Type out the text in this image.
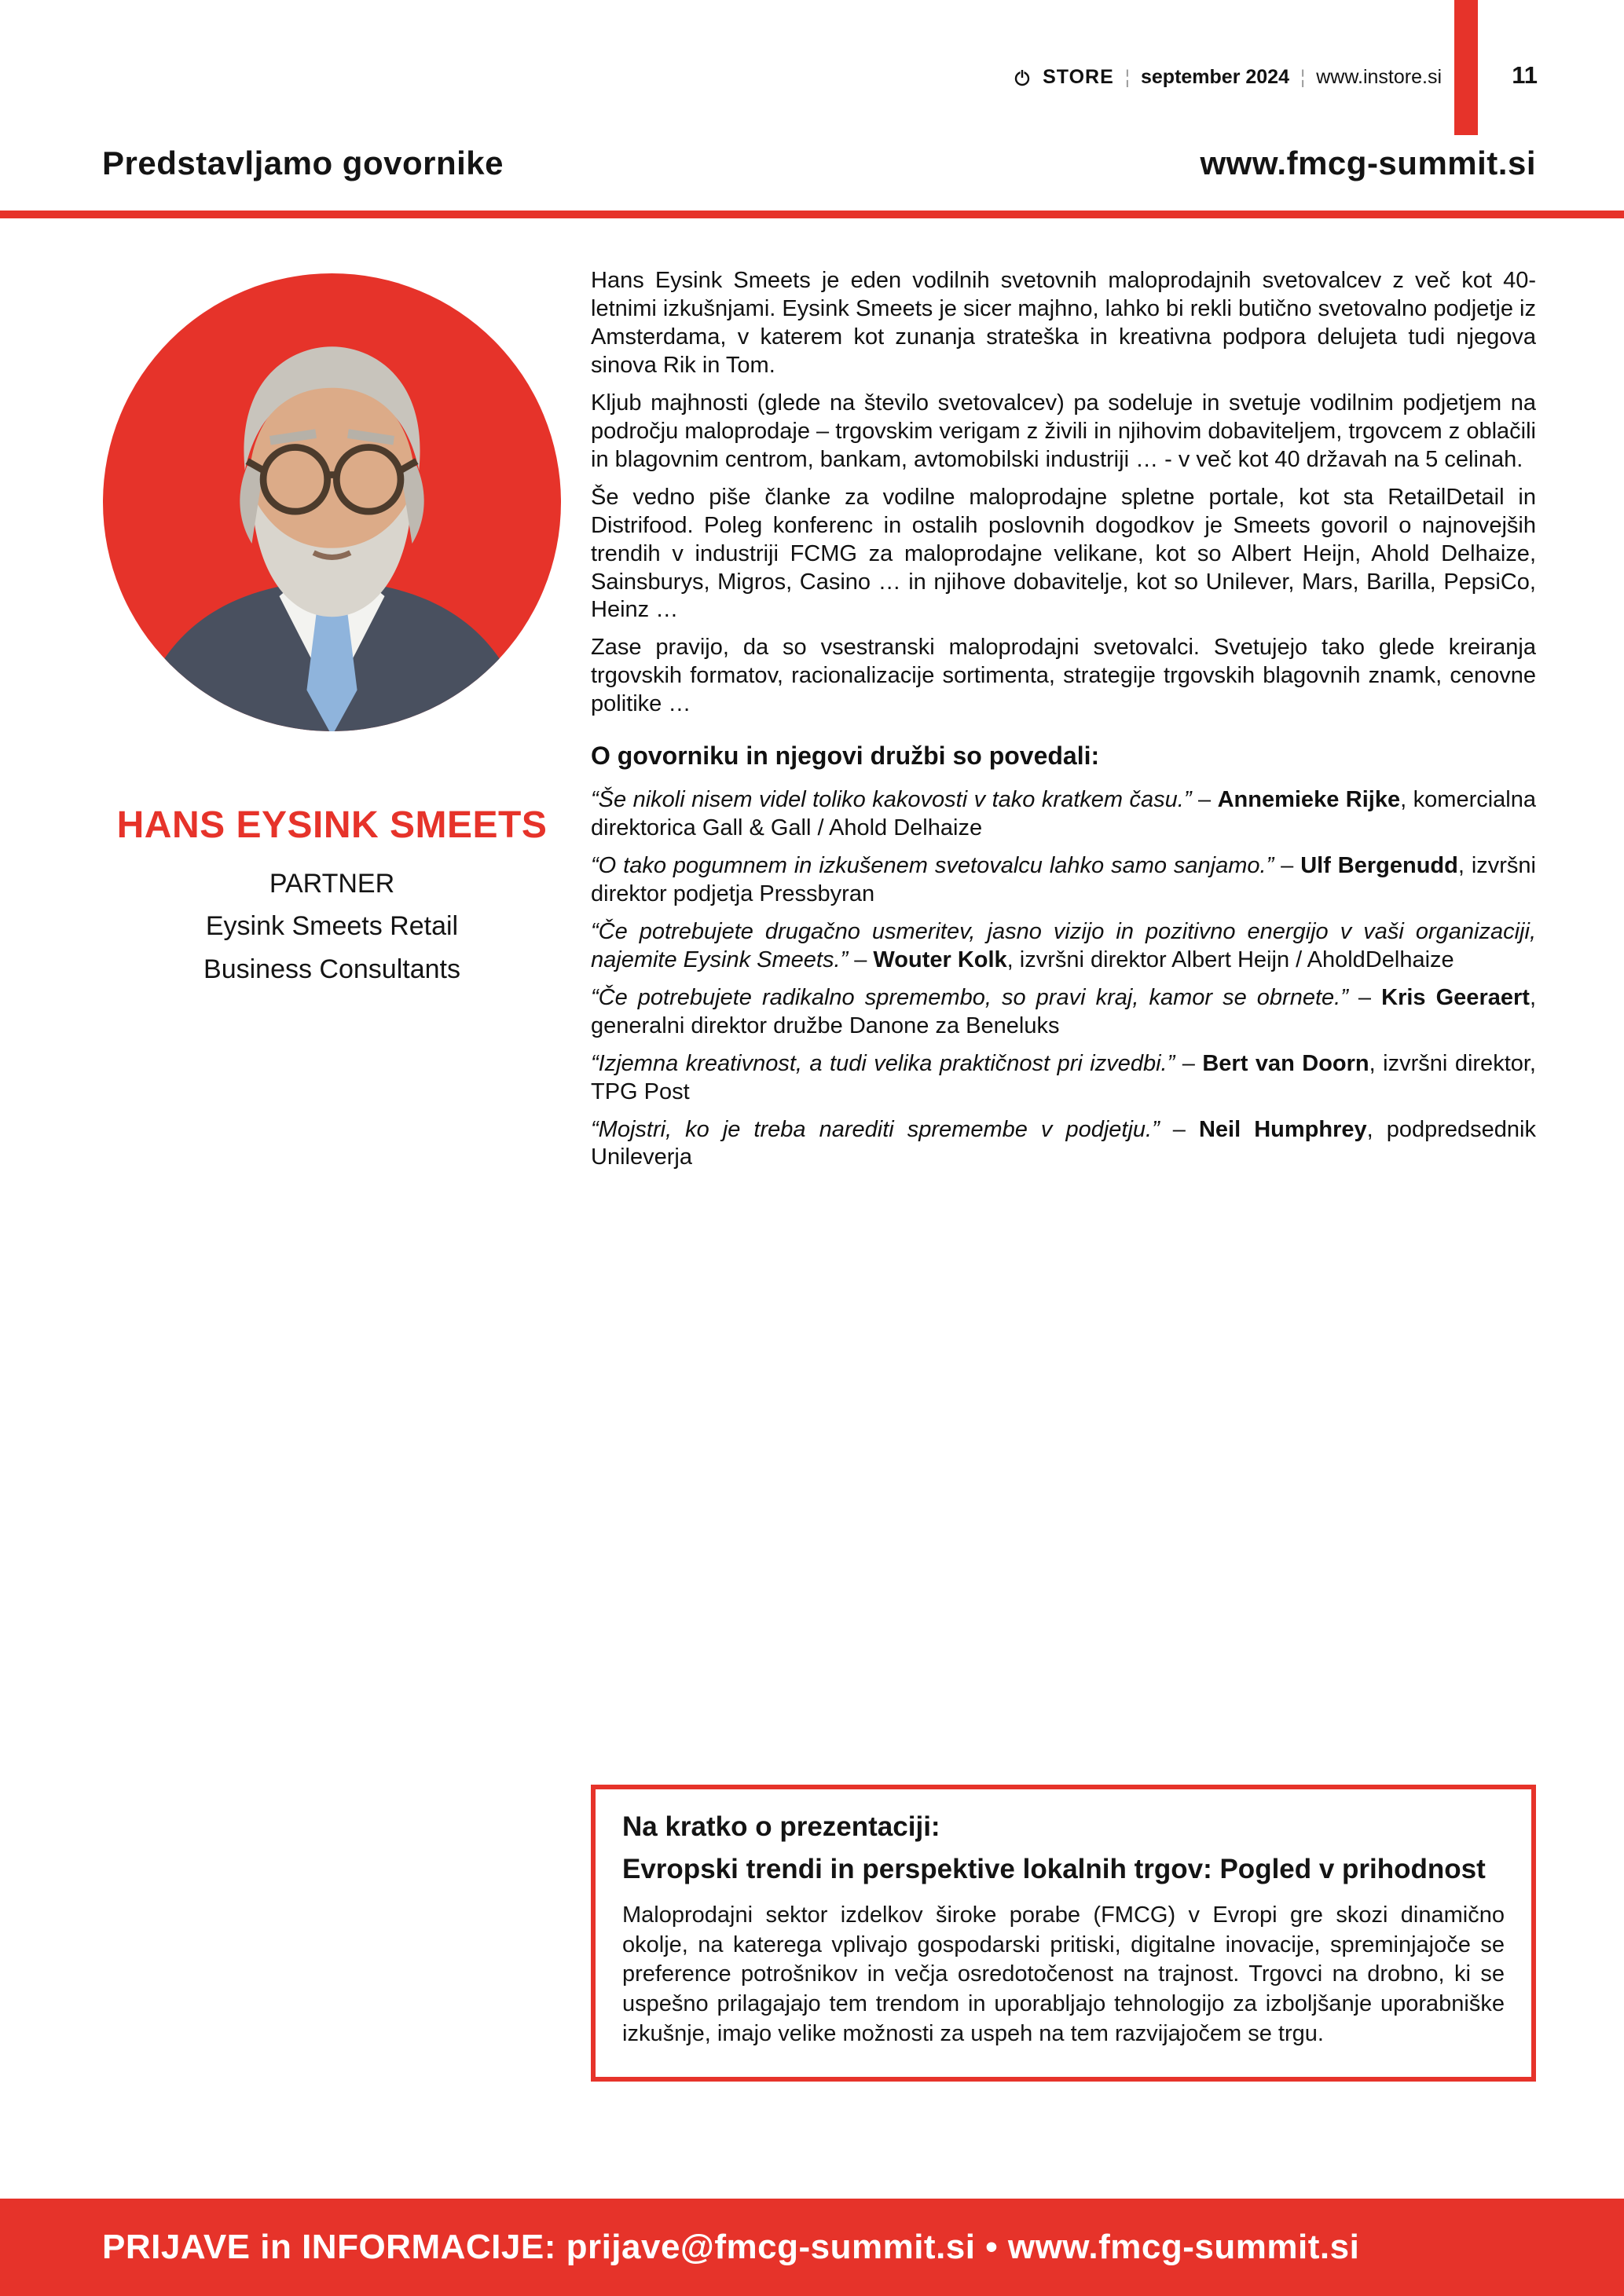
STORE ¦ september 2024 ¦ www.instore.si	11
Predstavljamo govornike	www.fmcg-summit.si
HANS EYSINK SMEETS
PARTNER
Eysink Smeets Retail
Business Consultants

Hans Eysink Smeets je eden vodilnih svetovnih maloprodajnih svetovalcev z več kot 40-letnimi izkušnjami. Eysink Smeets je sicer majhno, lahko bi rekli butično svetovalno podjetje iz Amsterdama, v katerem kot zunanja strateška in kreativna podpora delujeta tudi njegova sinova Rik in Tom.

Kljub majhnosti (glede na število svetovalcev) pa sodeluje in svetuje vodilnim podjetjem na področju maloprodaje – trgovskim verigam z živili in njihovim dobaviteljem, trgovcem z oblačili in blagovnim centrom, bankam, avtomobilski industriji … - v več kot 40 državah na 5 celinah.

Še vedno piše članke za vodilne maloprodajne spletne portale, kot sta RetailDetail in Distrifood. Poleg konferenc in ostalih poslovnih dogodkov je Smeets govoril o najnovejših trendih v industriji FCMG za maloprodajne velikane, kot so Albert Heijn, Ahold Delhaize, Sainsburys, Migros, Casino … in njihove dobavitelje, kot so Unilever, Mars, Barilla, PepsiCo, Heinz …

Zase pravijo, da so vsestranski maloprodajni svetovalci. Svetujejo tako glede kreiranja trgovskih formatov, racionalizacije sortimenta, strategije trgovskih blagovnih znamk, cenovne politike …

O govorniku in njegovi družbi so povedali:

“Še nikoli nisem videl toliko kakovosti v tako kratkem času.” – Annemieke Rijke, komercialna direktorica Gall & Gall / Ahold Delhaize

“O tako pogumnem in izkušenem svetovalcu lahko samo sanjamo.” – Ulf Bergenudd, izvršni direktor podjetja Pressbyran

“Če potrebujete drugačno usmeritev, jasno vizijo in pozitivno energijo v vaši organizaciji, najemite Eysink Smeets.” – Wouter Kolk, izvršni direktor Albert Heijn / AholdDelhaize

“Če potrebujete radikalno spremembo, so pravi kraj, kamor se obrnete.” – Kris Geeraert, generalni direktor družbe Danone za Beneluks

“Izjemna kreativnost, a tudi velika praktičnost pri izvedbi.” – Bert van Doorn, izvršni direktor, TPG Post

“Mojstri, ko je treba narediti spremembe v podjetju.” – Neil Humphrey, podpredsednik Unileverja

Na kratko o prezentaciji:
Evropski trendi in perspektive lokalnih trgov: Pogled v prihodnost

Maloprodajni sektor izdelkov široke porabe (FMCG) v Evropi gre skozi dinamično okolje, na katerega vplivajo gospodarski pritiski, digitalne inovacije, spreminjajoče se preference potrošnikov in večja osredotočenost na trajnost. Trgovci na drobno, ki se uspešno prilagajajo tem trendom in uporabljajo tehnologijo za izboljšanje uporabniške izkušnje, imajo velike možnosti za uspeh na tem razvijajočem se trgu.

PRIJAVE in INFORMACIJE: prijave@fmcg-summit.si • www.fmcg-summit.si
